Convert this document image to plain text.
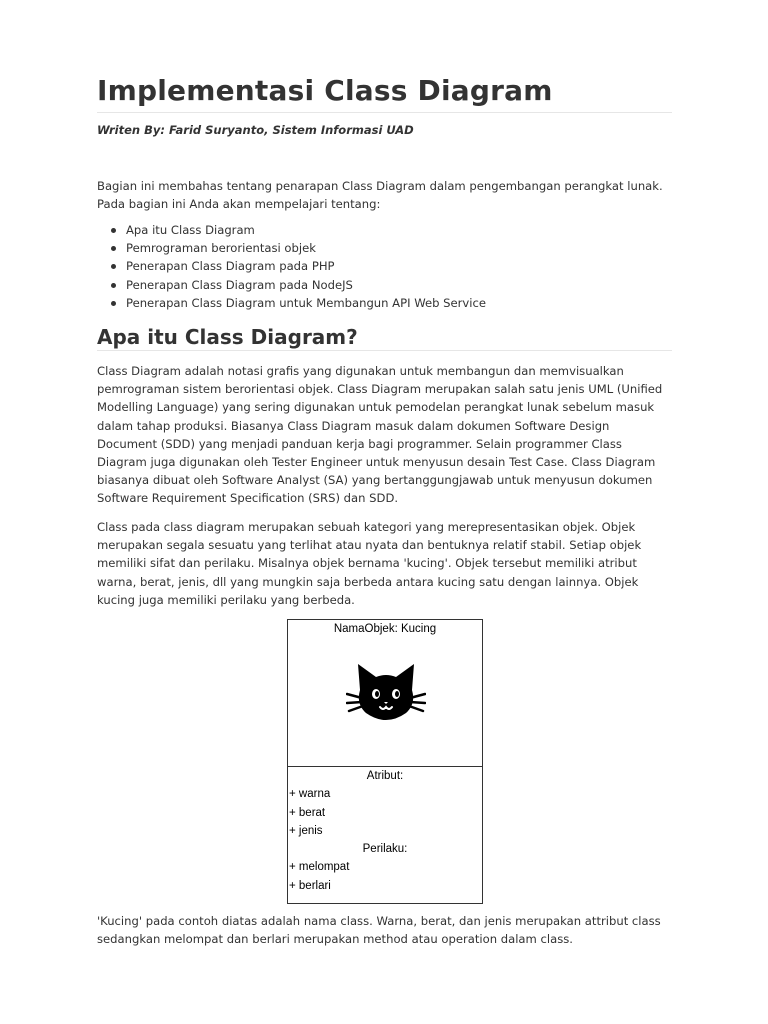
Implementasi Class Diagram
Writen By: Farid Suryanto, Sistem Informasi UAD

Bagian ini membahas tentang penarapan Class Diagram dalam pengembangan perangkat lunak. Pada bagian ini Anda akan mempelajari tentang:

Apa itu Class Diagram
Pemrograman berorientasi objek
Penerapan Class Diagram pada PHP
Penerapan Class Diagram pada NodeJS
Penerapan Class Diagram untuk Membangun API Web Service
Apa itu Class Diagram?

Class Diagram adalah notasi grafis yang digunakan untuk membangun dan memvisualkan pemrograman sistem berorientasi objek. Class Diagram merupakan salah satu jenis UML (Unified Modelling Language) yang sering digunakan untuk pemodelan perangkat lunak sebelum masuk dalam tahap produksi. Biasanya Class Diagram masuk dalam dokumen Software Design Document (SDD) yang menjadi panduan kerja bagi programmer. Selain programmer Class Diagram juga digunakan oleh Tester Engineer untuk menyusun desain Test Case. Class Diagram biasanya dibuat oleh Software Analyst (SA) yang bertanggungjawab untuk menyusun dokumen Software Requirement Specification (SRS) dan SDD.

Class pada class diagram merupakan sebuah kategori yang merepresentasikan objek. Objek merupakan segala sesuatu yang terlihat atau nyata dan bentuknya relatif stabil. Setiap objek memiliki sifat dan perilaku. Misalnya objek bernama 'kucing'. Objek tersebut memiliki atribut warna, berat, jenis, dll yang mungkin saja berbeda antara kucing satu dengan lainnya. Objek kucing juga memiliki perilaku yang berbeda.

'Kucing' pada contoh diatas adalah nama class. Warna, berat, dan jenis merupakan attribut class sedangkan melompat dan berlari merupakan method atau operation dalam class.

NamaObjek: Kucing
Atribut:
+ warna
+ berat
+ jenis
Perilaku:
+ melompat
+ berlari
